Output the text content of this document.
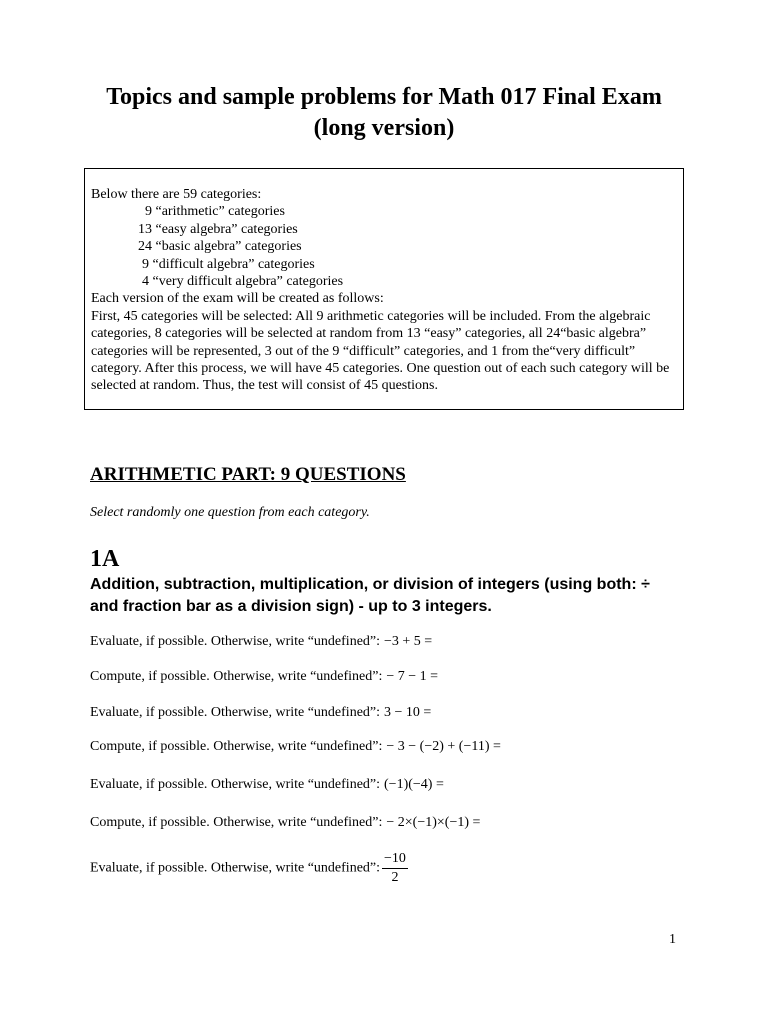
Topics and sample problems for Math 017 Final Exam
(long version)
Below there are 59 categories:
9 “arithmetic” categories
13 “easy algebra” categories
24 “basic algebra” categories
9 “difficult algebra” categories
4 “very difficult algebra” categories
Each version of the exam will be created as follows:
First, 45 categories will be selected: All 9 arithmetic categories will be included. From the algebraic categories, 8 categories will be selected at random from 13 “easy” categories, all 24“basic algebra” categories will be represented, 3 out of the 9 “difficult” categories, and 1 from the“very difficult” category. After this process, we will have 45 categories. One question out of each such category will be selected at random. Thus, the test will consist of 45 questions.
ARITHMETIC PART: 9 QUESTIONS
Select randomly one question from each category.
1A
Addition, subtraction, multiplication, or division of integers (using both: ÷ and fraction bar as a division sign) - up to 3 integers.
Evaluate, if possible. Otherwise, write “undefined”: −3 + 5 =
Compute, if possible. Otherwise, write “undefined”: − 7 − 1 =
Evaluate, if possible. Otherwise, write “undefined”: 3 − 10 =
Compute, if possible. Otherwise, write “undefined”: − 3 − (−2) + (−11) =
Evaluate, if possible. Otherwise, write “undefined”: (−1)(−4) =
Compute, if possible. Otherwise, write “undefined”: − 2×(−1)×(−1) =
Evaluate, if possible. Otherwise, write “undefined”: $\frac{-10}{2}$
1
